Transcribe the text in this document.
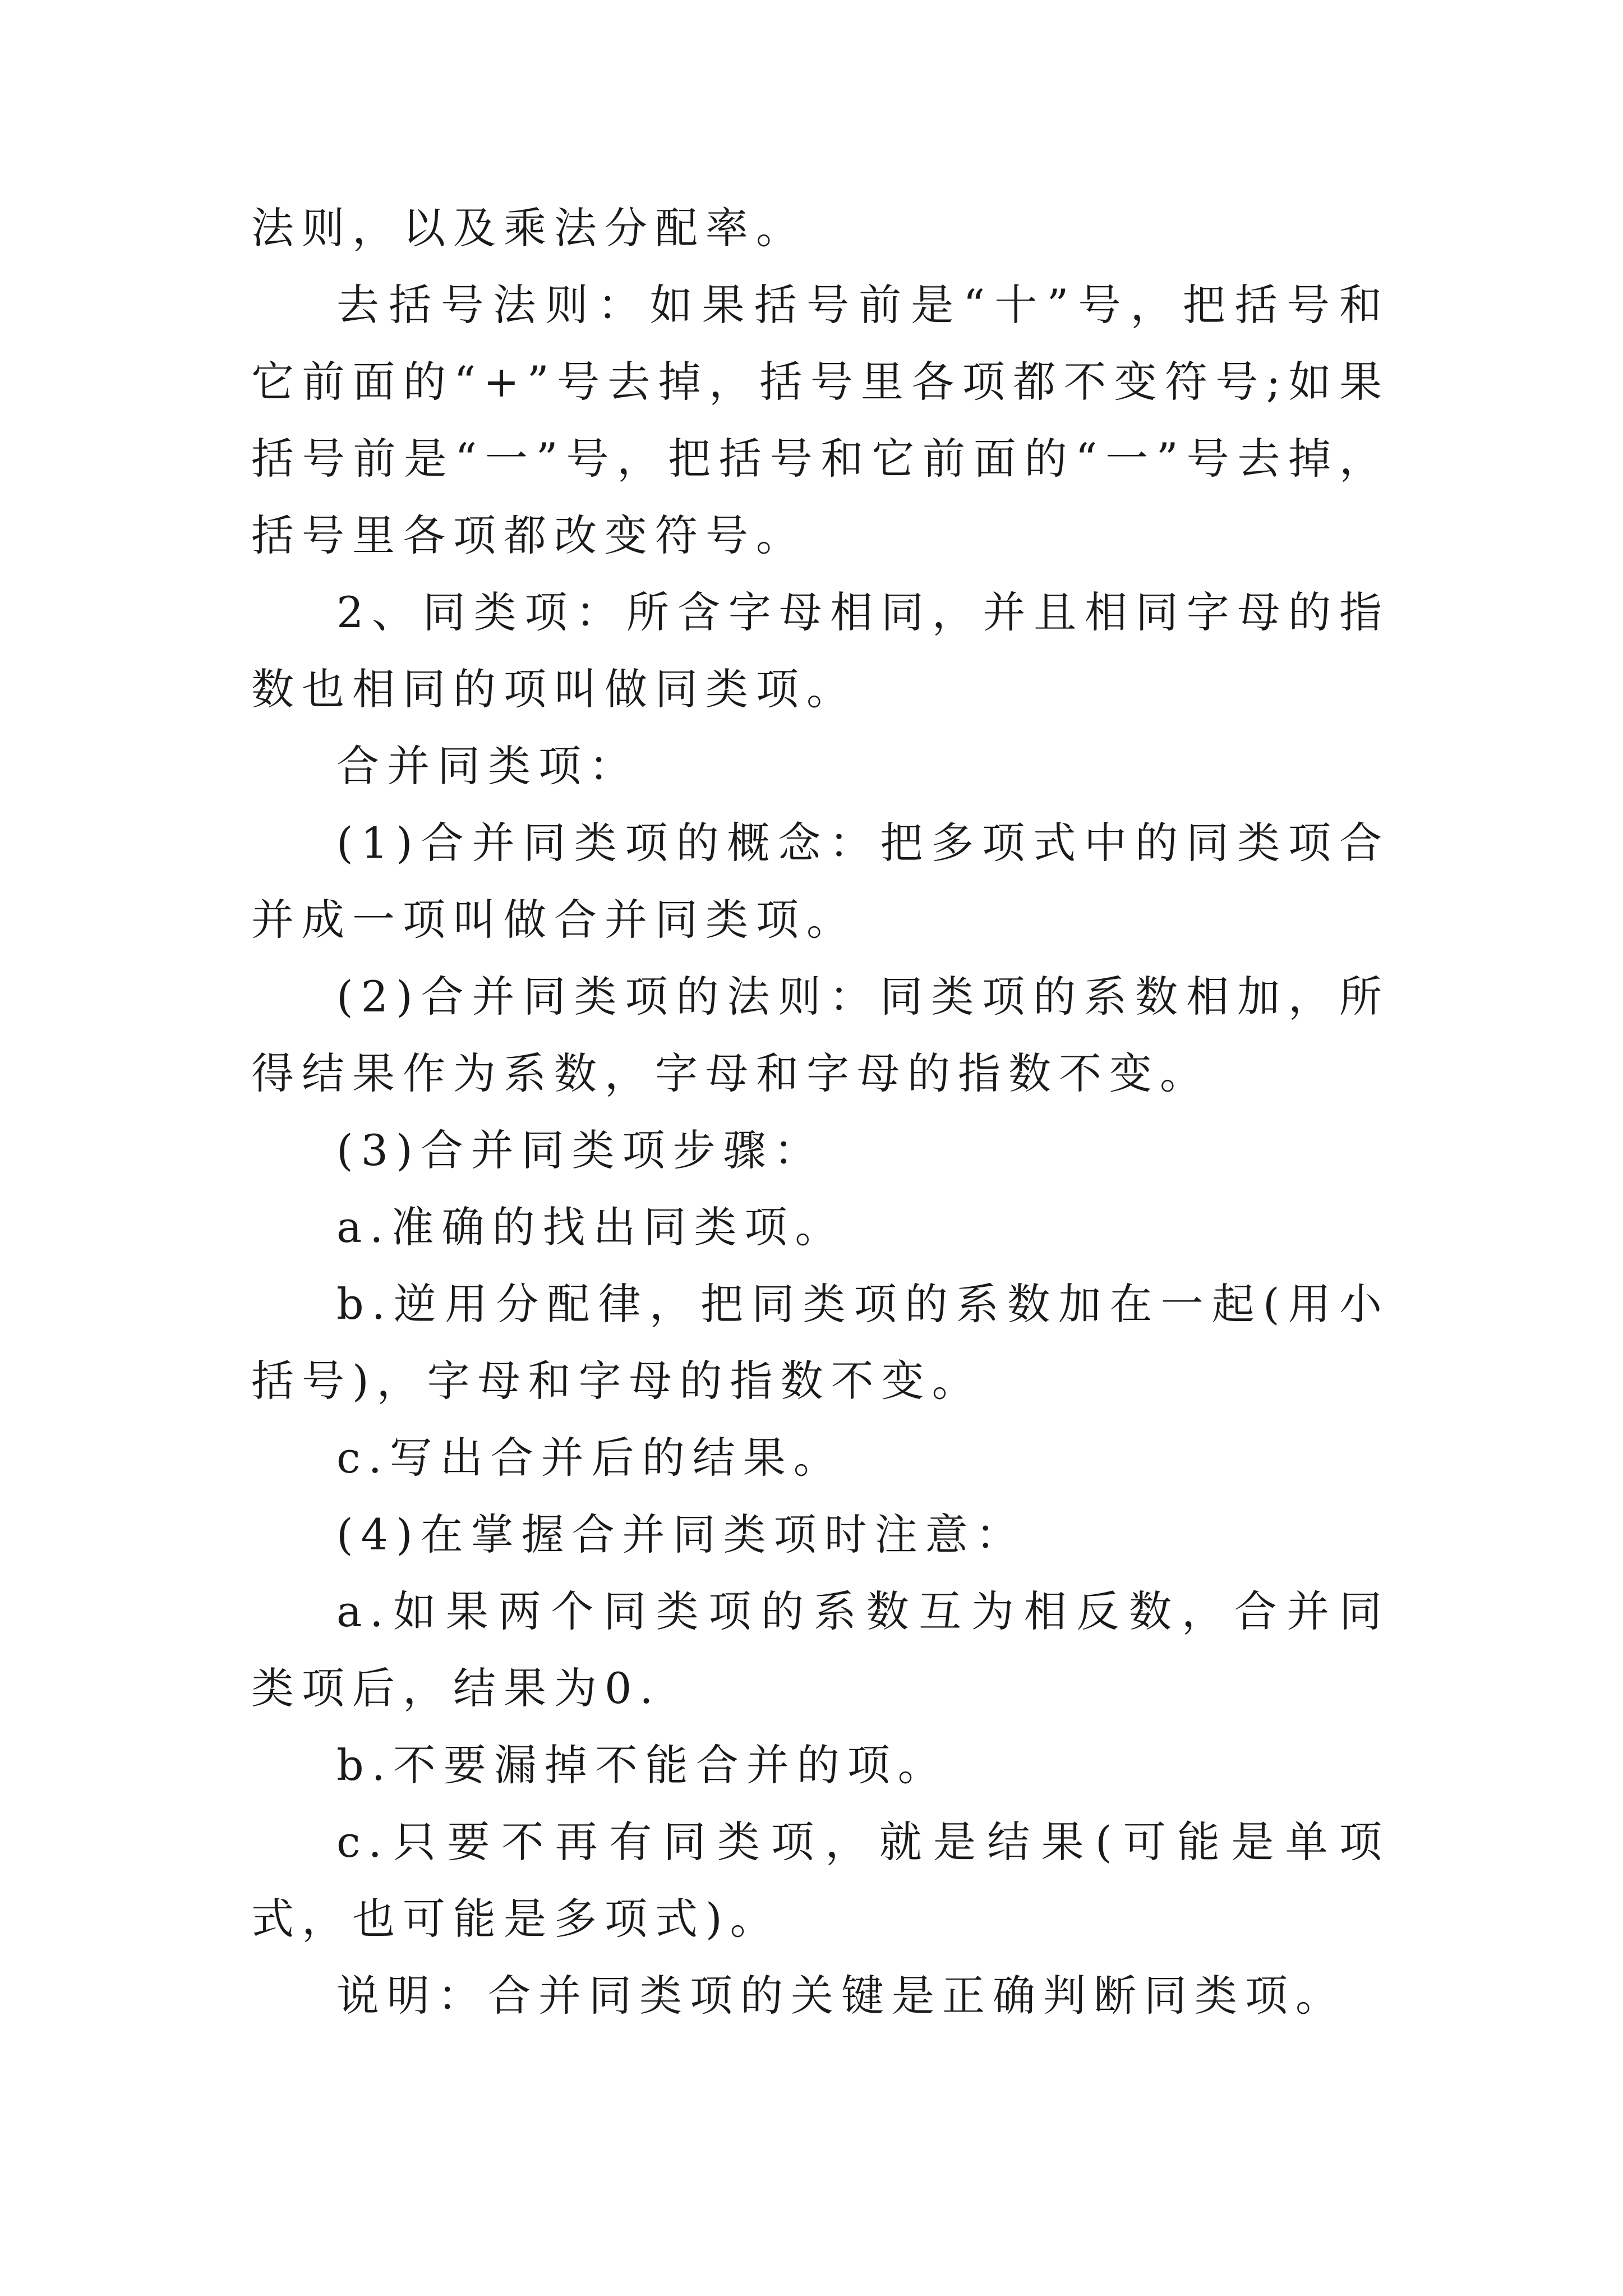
法则，以及乘法分配率。

去括号法则：如果括号前是“十”号，把括号和它前面的“+”号去掉，括号里各项都不变符号;如果括号前是“一”号，把括号和它前面的“一”号去掉，括号里各项都改变符号。

2、同类项：所含字母相同，并且相同字母的指数也相同的项叫做同类项。

合并同类项：

(1)合并同类项的概念：把多项式中的同类项合并成一项叫做合并同类项。

(2)合并同类项的法则：同类项的系数相加，所得结果作为系数，字母和字母的指数不变。

(3)合并同类项步骤：

a.准确的找出同类项。

b.逆用分配律，把同类项的系数加在一起(用小括号)，字母和字母的指数不变。

c.写出合并后的结果。

(4)在掌握合并同类项时注意：

a.如果两个同类项的系数互为相反数，合并同类项后，结果为0.

b.不要漏掉不能合并的项。

c.只要不再有同类项，就是结果(可能是单项式，也可能是多项式)。

说明：合并同类项的关键是正确判断同类项。
